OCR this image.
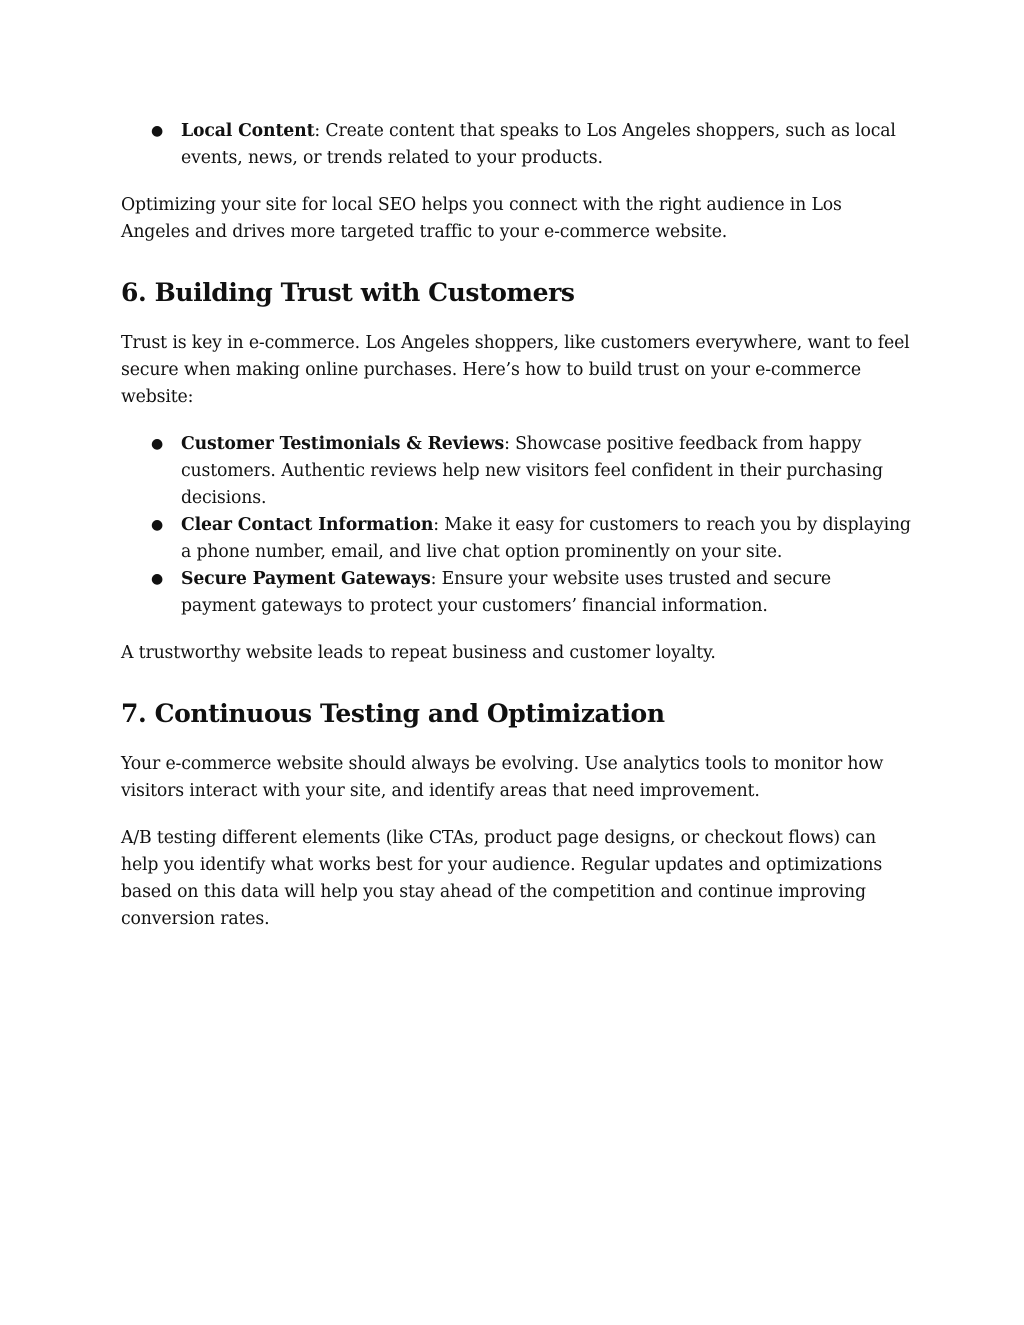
● Local Content: Create content that speaks to Los Angeles shoppers, such as local events, news, or trends related to your products.

Optimizing your site for local SEO helps you connect with the right audience in Los Angeles and drives more targeted traffic to your e-commerce website.

6. Building Trust with Customers

Trust is key in e-commerce. Los Angeles shoppers, like customers everywhere, want to feel secure when making online purchases. Here’s how to build trust on your e-commerce website:

● Customer Testimonials & Reviews: Showcase positive feedback from happy customers. Authentic reviews help new visitors feel confident in their purchasing decisions.
● Clear Contact Information: Make it easy for customers to reach you by displaying a phone number, email, and live chat option prominently on your site.
● Secure Payment Gateways: Ensure your website uses trusted and secure payment gateways to protect your customers’ financial information.

A trustworthy website leads to repeat business and customer loyalty.

7. Continuous Testing and Optimization

Your e-commerce website should always be evolving. Use analytics tools to monitor how visitors interact with your site, and identify areas that need improvement.

A/B testing different elements (like CTAs, product page designs, or checkout flows) can help you identify what works best for your audience. Regular updates and optimizations based on this data will help you stay ahead of the competition and continue improving conversion rates.
